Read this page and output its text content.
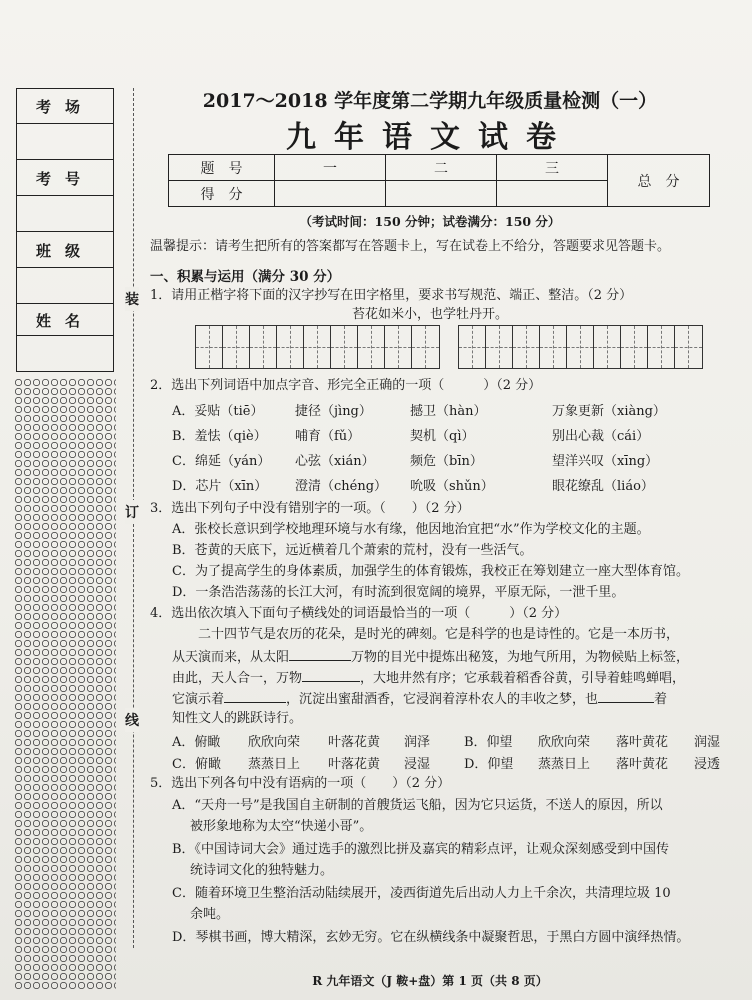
考场
考号
班级
姓名
装
订
线
2017～2018 学年度第二学期九年级质量检测（一）
九年语文试卷
题　号	一	二	三	总　分
得　分				
（考试时间：150 分钟；试卷满分：150 分）
温馨提示：请考生把所有的答案都写在答题卡上，写在试卷上不给分，答题要求见答题卡。
一、积累与运用（满分 30 分）
1．请用正楷字将下面的汉字抄写在田字格里，要求书写规范、端正、整洁。（2 分）
苔花如米小，也学牡丹开。
2．选出下列词语中加点字音、形完全正确的一项（　　　）（2 分）
A．妥贴（tiē） 捷径（jìng）	撼卫（hàn）	万象更新（xiàng）
B．羞怯（qiè） 哺育（fǔ）	契机（qì）	别出心裁（cái）
C．绵延（yán） 心弦（xián）	频危（bīn）	望洋兴叹（xīng）
D．芯片（xīn） 澄清（chéng） 吮吸（shǔn）	眼花缭乱（liáo）
3．选出下列句子中没有错别字的一项。（　　）（2 分）
A．张校长意识到学校地理环境与水有缘，他因地治宜把“水”作为学校文化的主题。
B．苍黄的天底下，远近横着几个萧索的荒村，没有一些活气。
C．为了提高学生的身体素质，加强学生的体育锻炼，我校正在筹划建立一座大型体育馆。
D．一条浩浩荡荡的长江大河，有时流到很宽阔的境界，平原无际，一泄千里。
4．选出依次填入下面句子横线处的词语最恰当的一项（　　　）（2 分）
二十四节气是农历的花朵，是时光的碑刻。它是科学的也是诗性的。它是一本历书，
从天演而来，从太阳	万物的目光中提炼出秘笈，为地气所用，为物候贴上标签，
由此，天人合一，万物	，大地井然有序；它承载着稻香谷黄，引导着蛙鸣蝉唱，
它演示着	，沉淀出蜜甜酒香，它浸润着淳朴农人的丰收之梦，也	着
知性文人的跳跃诗行。
A．俯瞰 欣欣向荣 叶落花黄 润泽	B．仰望 欣欣向荣 落叶黄花 润湿
C．俯瞰 蒸蒸日上 叶落花黄 浸湿	D．仰望 蒸蒸日上 落叶黄花 浸透
5．选出下列各句中没有语病的一项（　　）（2 分）
A．“天舟一号”是我国自主研制的首艘货运飞船，因为它只运货，不送人的原因，所以
被形象地称为太空“快递小哥”。
B．《中国诗词大会》通过选手的激烈比拼及嘉宾的精彩点评，让观众深刻感受到中国传
统诗词文化的独特魅力。
C．随着环境卫生整治活动陆续展开，凌西街道先后出动人力上千余次，共清理垃圾 10
余吨。
D．琴棋书画，博大精深，玄妙无穷。它在纵横线条中凝聚哲思，于黑白方圆中演绎热情。
R 九年语文（J 鞍+盘）第 1 页（共 8 页）
